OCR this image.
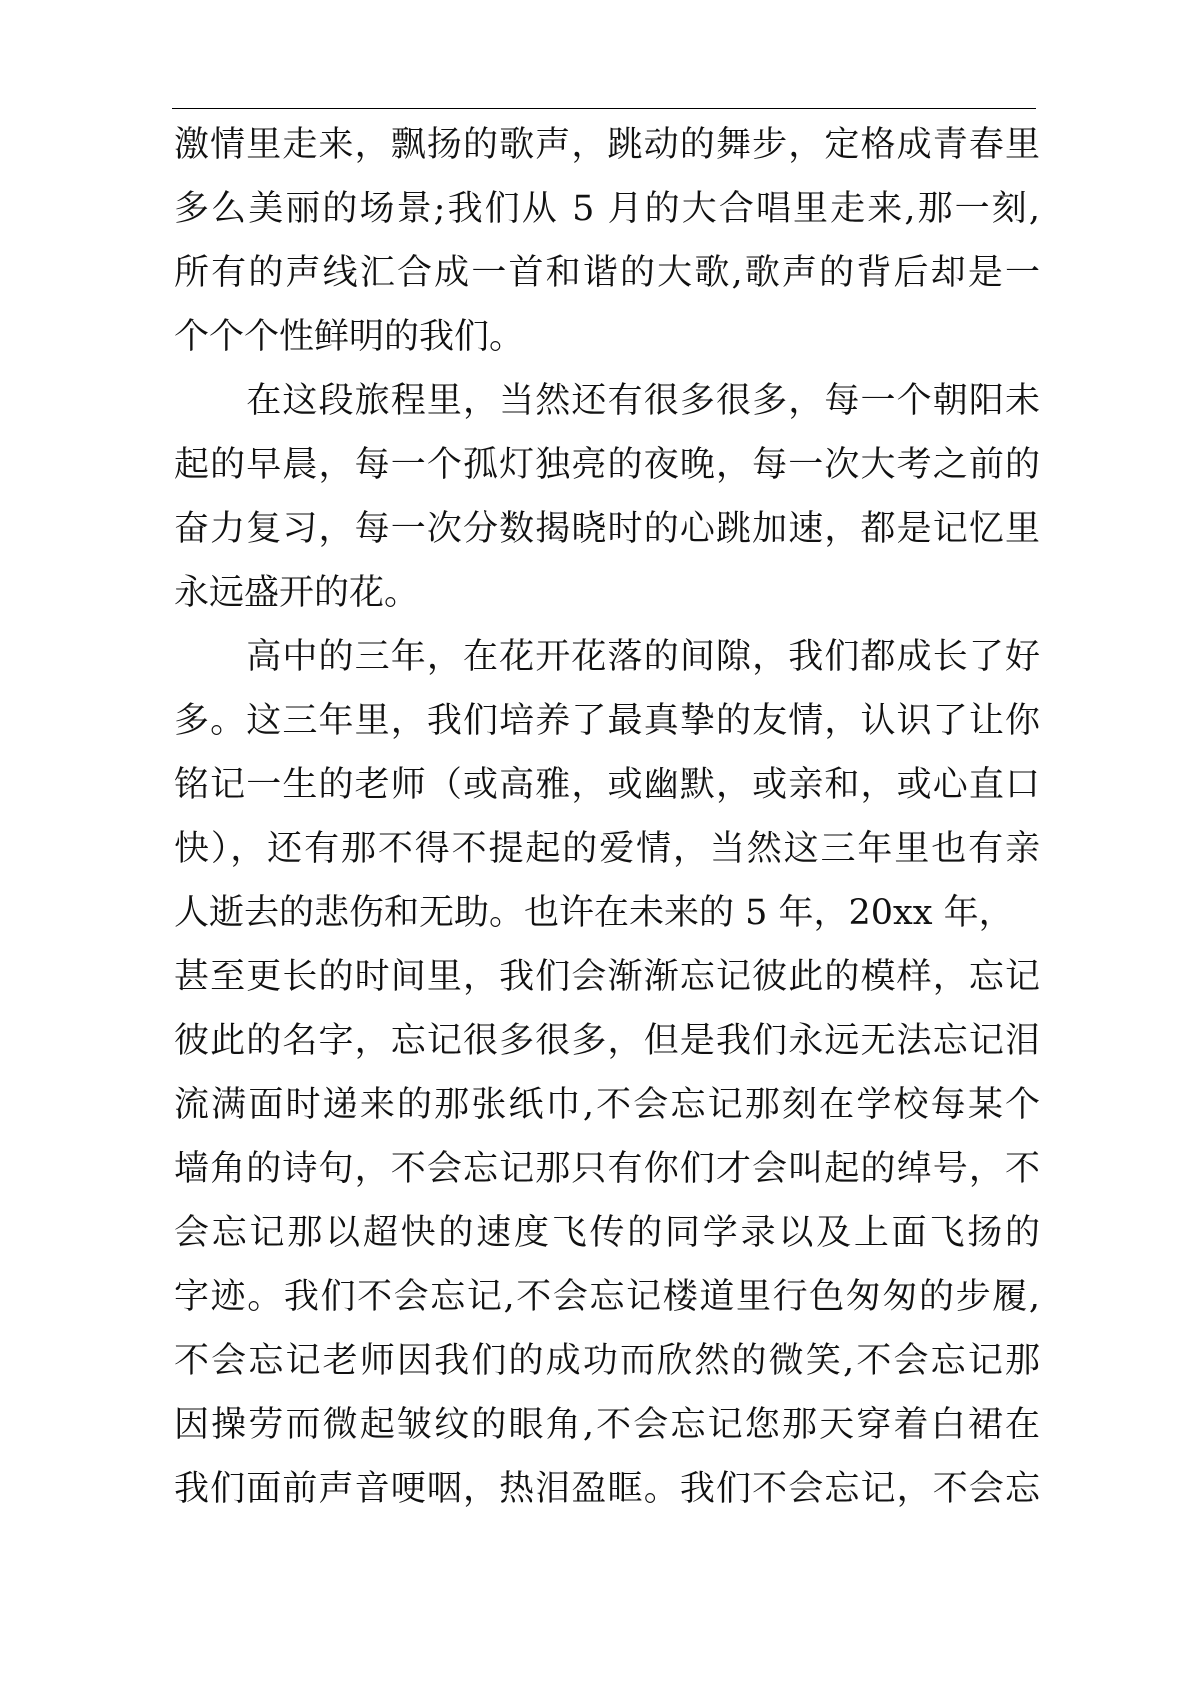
激情里走来，飘扬的歌声，跳动的舞步，定格成青春里
多么美丽的场景;我们从 5 月的大合唱里走来,那一刻,
所有的声线汇合成一首和谐的大歌,歌声的背后却是一
个个个性鲜明的我们。
　　在这段旅程里，当然还有很多很多，每一个朝阳未
起的早晨，每一个孤灯独亮的夜晚，每一次大考之前的
奋力复习，每一次分数揭晓时的心跳加速，都是记忆里
永远盛开的花。
　　高中的三年，在花开花落的间隙，我们都成长了好
多。这三年里，我们培养了最真挚的友情，认识了让你
铭记一生的老师（或高雅，或幽默，或亲和，或心直口
快），还有那不得不提起的爱情，当然这三年里也有亲
人逝去的悲伤和无助。也许在未来的 5 年，20xx 年，
甚至更长的时间里，我们会渐渐忘记彼此的模样，忘记
彼此的名字，忘记很多很多，但是我们永远无法忘记泪
流满面时递来的那张纸巾,不会忘记那刻在学校每某个
墙角的诗句，不会忘记那只有你们才会叫起的绰号，不
会忘记那以超快的速度飞传的同学录以及上面飞扬的
字迹。我们不会忘记,不会忘记楼道里行色匆匆的步履,
不会忘记老师因我们的成功而欣然的微笑,不会忘记那
因操劳而微起皱纹的眼角,不会忘记您那天穿着白裙在
我们面前声音哽咽，热泪盈眶。我们不会忘记，不会忘
